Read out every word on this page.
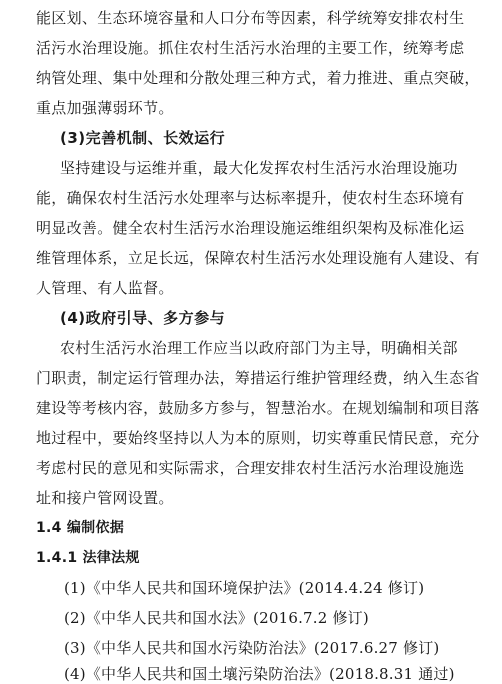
能区划、生态环境容量和人口分布等因素，科学统筹安排农村生
活污水治理设施。抓住农村生活污水治理的主要工作，统筹考虑
纳管处理、集中处理和分散处理三种方式，着力推进、重点突破，
重点加强薄弱环节。
(3)完善机制、长效运行
坚持建设与运维并重，最大化发挥农村生活污水治理设施功
能，确保农村生活污水处理率与达标率提升，使农村生态环境有
明显改善。健全农村生活污水治理设施运维组织架构及标准化运
维管理体系，立足长远，保障农村生活污水处理设施有人建设、有
人管理、有人监督。
(4)政府引导、多方参与
农村生活污水治理工作应当以政府部门为主导，明确相关部
门职责，制定运行管理办法，筹措运行维护管理经费，纳入生态省
建设等考核内容，鼓励多方参与，智慧治水。在规划编制和项目落
地过程中，要始终坚持以人为本的原则，切实尊重民情民意，充分
考虑村民的意见和实际需求，合理安排农村生活污水治理设施选
址和接户管网设置。
1.4 编制依据
1.4.1 法律法规
(1)《中华人民共和国环境保护法》(2014.4.24 修订)
(2)《中华人民共和国水法》(2016.7.2 修订)
(3)《中华人民共和国水污染防治法》(2017.6.27 修订)
(4)《中华人民共和国土壤污染防治法》(2018.8.31 通过)
